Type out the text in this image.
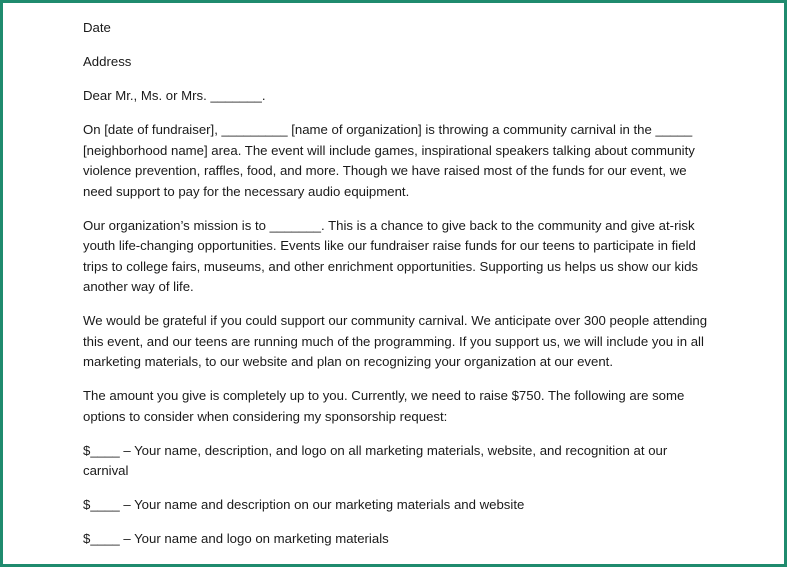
Date

Address

Dear Mr., Ms. or Mrs. _______.

On [date of fundraiser], _________ [name of organization] is throwing a community carnival in the _____ [neighborhood name] area. The event will include games, inspirational speakers talking about community violence prevention, raffles, food, and more. Though we have raised most of the funds for our event, we need support to pay for the necessary audio equipment.

Our organization’s mission is to _______. This is a chance to give back to the community and give at-risk youth life-changing opportunities. Events like our fundraiser raise funds for our teens to participate in field trips to college fairs, museums, and other enrichment opportunities. Supporting us helps us show our kids another way of life.

We would be grateful if you could support our community carnival. We anticipate over 300 people attending this event, and our teens are running much of the programming. If you support us, we will include you in all marketing materials, to our website and plan on recognizing your organization at our event.

The amount you give is completely up to you. Currently, we need to raise $750. The following are some options to consider when considering my sponsorship request:

$____ – Your name, description, and logo on all marketing materials, website, and recognition at our carnival

$____ – Your name and description on our marketing materials and website

$____ – Your name and logo on marketing materials
